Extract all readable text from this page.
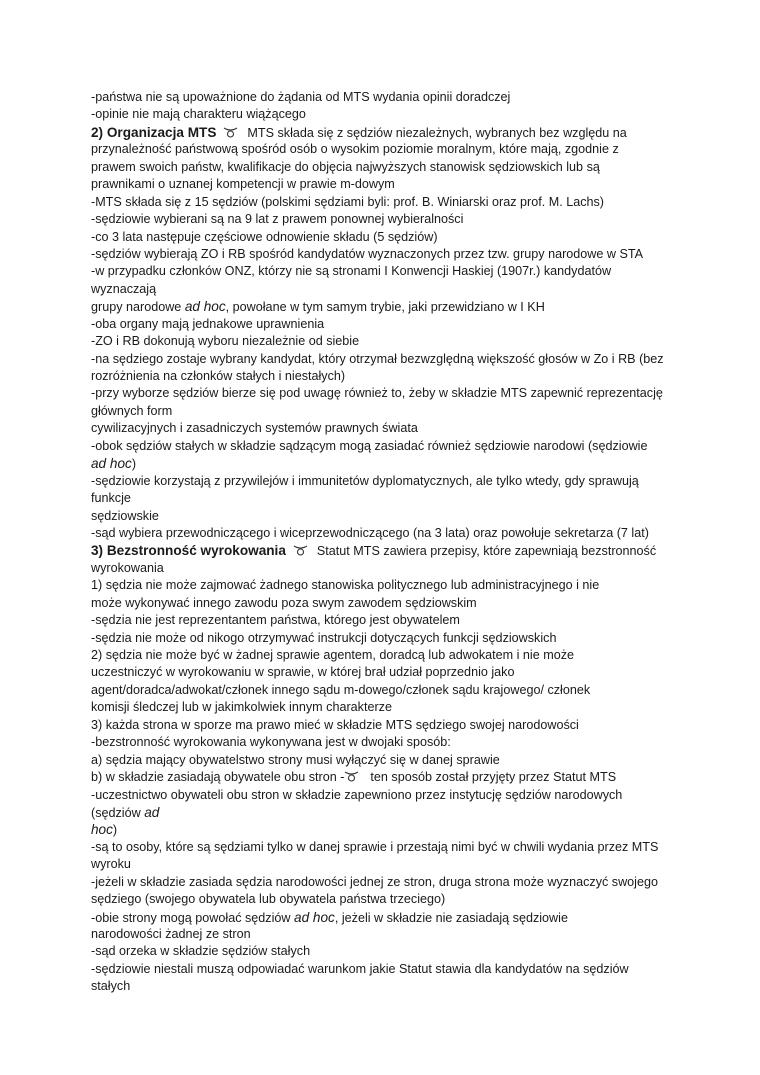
-państwa nie są upoważnione do żądania od MTS wydania opinii doradczej
-opinie nie mają charakteru wiążącego
2) Organizacja MTS MTS składa się z sędziów niezależnych, wybranych bez względu na
przynależność państwową spośród osób o wysokim poziomie moralnym, które mają, zgodnie z
prawem swoich państw, kwalifikacje do objęcia najwyższych stanowisk sędziowskich lub są
prawnikami o uznanej kompetencji w prawie m-dowym
-MTS składa się z 15 sędziów (polskimi sędziami byli: prof. B. Winiarski oraz prof. M. Lachs)
-sędziowie wybierani są na 9 lat z prawem ponownej wybieralności
-co 3 lata następuje częściowe odnowienie składu (5 sędziów)
-sędziów wybierają ZO i RB spośród kandydatów wyznaczonych przez tzw. grupy narodowe w STA
-w przypadku członków ONZ, którzy nie są stronami I Konwencji Haskiej (1907r.) kandydatów
wyznaczają
grupy narodowe ad hoc, powołane w tym samym trybie, jaki przewidziano w I KH
-oba organy mają jednakowe uprawnienia
-ZO i RB dokonują wyboru niezależnie od siebie
-na sędziego zostaje wybrany kandydat, który otrzymał bezwzględną większość głosów w Zo i RB (bez
rozróżnienia na członków stałych i niestałych)
-przy wyborze sędziów bierze się pod uwagę również to, żeby w składzie MTS zapewnić reprezentację
głównych form
cywilizacyjnych i zasadniczych systemów prawnych świata
-obok sędziów stałych w składzie sądzącym mogą zasiadać również sędziowie narodowi (sędziowie
ad hoc)
-sędziowie korzystają z przywilejów i immunitetów dyplomatycznych, ale tylko wtedy, gdy sprawują
funkcje
sędziowskie
-sąd wybiera przewodniczącego i wiceprzewodniczącego (na 3 lata) oraz powołuje sekretarza (7 lat)
3) Bezstronność wyrokowania Statut MTS zawiera przepisy, które zapewniają bezstronność
wyrokowania
1) sędzia nie może zajmować żadnego stanowiska politycznego lub administracyjnego i nie
może wykonywać innego zawodu poza swym zawodem sędziowskim
-sędzia nie jest reprezentantem państwa, którego jest obywatelem
-sędzia nie może od nikogo otrzymywać instrukcji dotyczących funkcji sędziowskich
2) sędzia nie może być w żadnej sprawie agentem, doradcą lub adwokatem i nie może
uczestniczyć w wyrokowaniu w sprawie, w której brał udział poprzednio jako
agent/doradca/adwokat/członek innego sądu m-dowego/członek sądu krajowego/ członek
komisji śledczej lub w jakimkolwiek innym charakterze
3) każda strona w sporze ma prawo mieć w składzie MTS sędziego swojej narodowości
-bezstronność wyrokowania wykonywana jest w dwojaki sposób:
a) sędzia mający obywatelstwo strony musi wyłączyć się w danej sprawie
b) w składzie zasiadają obywatele obu stron - ten sposób został przyjęty przez Statut MTS
-uczestnictwo obywateli obu stron w składzie zapewniono przez instytucję sędziów narodowych
(sędziów ad
hoc)
-są to osoby, które są sędziami tylko w danej sprawie i przestają nimi być w chwili wydania przez MTS
wyroku
-jeżeli w składzie zasiada sędzia narodowości jednej ze stron, druga strona może wyznaczyć swojego
sędziego (swojego obywatela lub obywatela państwa trzeciego)
-obie strony mogą powołać sędziów ad hoc, jeżeli w składzie nie zasiadają sędziowie
narodowości żadnej ze stron
-sąd orzeka w składzie sędziów stałych
-sędziowie niestali muszą odpowiadać warunkom jakie Statut stawia dla kandydatów na sędziów
stałych
